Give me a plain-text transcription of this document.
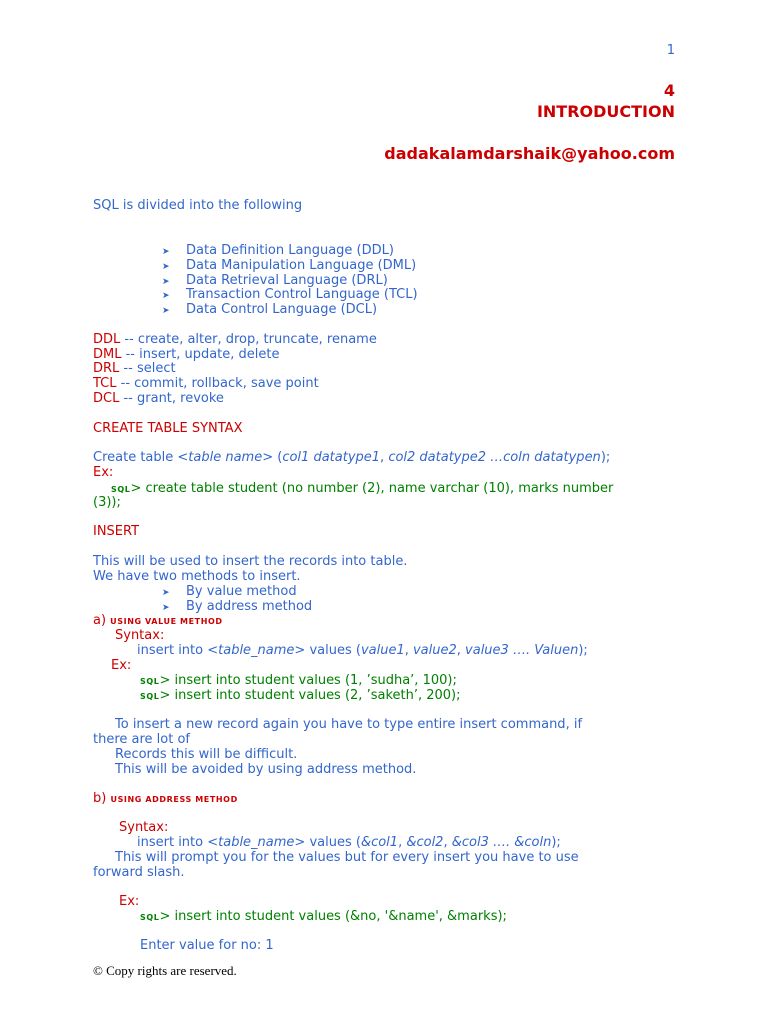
1
4
INTRODUCTION
dadakalamdarshaik@yahoo.com
SQL is divided into the following
➤ Data Definition Language (DDL)
➤ Data Manipulation Language (DML)
➤ Data Retrieval Language (DRL)
➤ Transaction Control Language (TCL)
➤ Data Control Language (DCL)
DDL -- create, alter, drop, truncate, rename
DML -- insert, update, delete
DRL -- select
TCL -- commit, rollback, save point
DCL -- grant, revoke
CREATE TABLE SYNTAX
Create table <table name> (col1 datatype1, col2 datatype2 …coln datatypen);
Ex:
SQL> create table student (no number (2), name varchar (10), marks number
(3));
INSERT
This will be used to insert the records into table.
We have two methods to insert.
➤ By value method
➤ By address method
a) USING VALUE METHOD
Syntax:
insert into <table_name> values (value1, value2, value3 …. Valuen);
Ex:
SQL> insert into student values (1, ’sudha’, 100);
SQL> insert into student values (2, ’saketh’, 200);
To insert a new record again you have to type entire insert command, if
there are lot of
Records this will be difficult.
This will be avoided by using address method.
b) USING ADDRESS METHOD
Syntax:
insert into <table_name> values (&col1, &col2, &col3 …. &coln);
This will prompt you for the values but for every insert you have to use
forward slash.
Ex:
SQL> insert into student values (&no, '&name', &marks);
Enter value for no: 1
© Copy rights are reserved.
